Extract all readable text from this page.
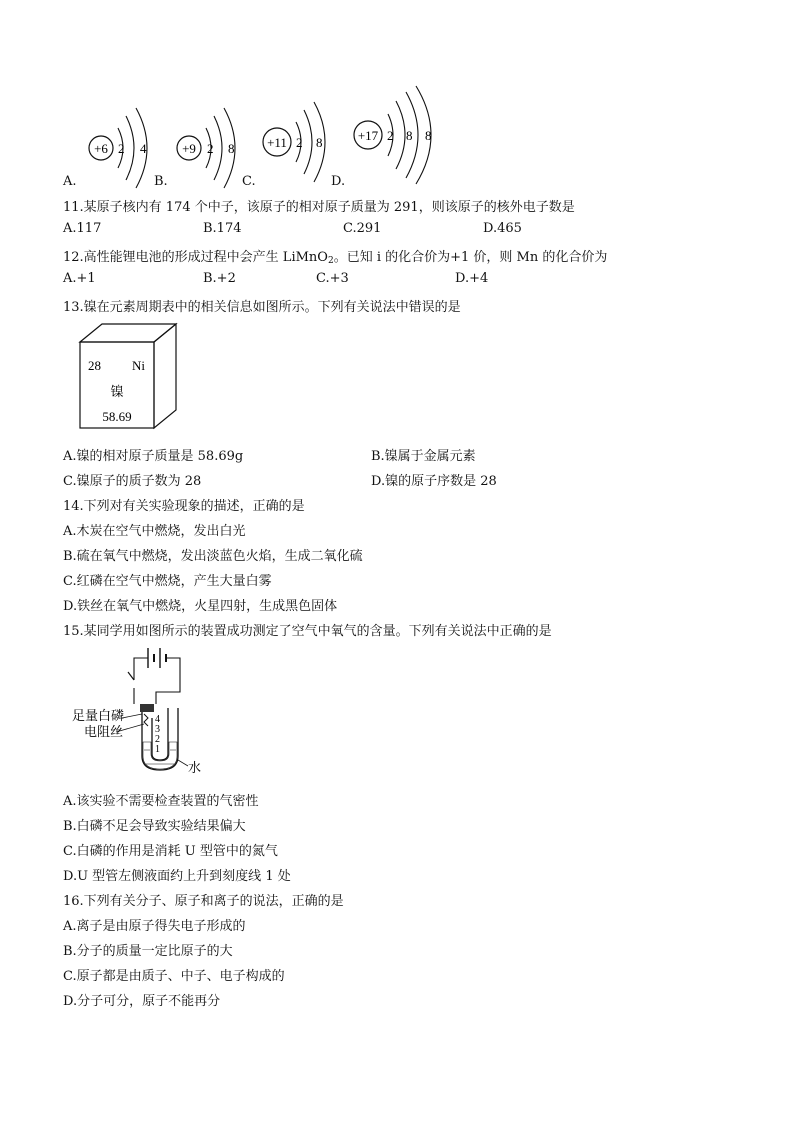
+6 2 4	+9 2 8	+11 2 8	+17 2 8 8
A.	B.	C.	D.
11.某原子核内有 174 个中子，该原子的相对原子质量为 291，则该原子的核外电子数是
A.117	B.174	C.291	D.465
12.高性能锂电池的形成过程中会产生 LiMnO$_2$。已知 i 的化合价为+1 价，则 Mn 的化合价为
A.+1	B.+2	C.+3	D.+4
13.镍在元素周期表中的相关信息如图所示。下列有关说法中错误的是
28 Ni
镍
58.69
A.镍的相对原子质量是 58.69g	B.镍属于金属元素
C.镍原子的质子数为 28	D.镍的原子序数是 28
14.下列对有关实验现象的描述，正确的是
A.木炭在空气中燃烧，发出白光
B.硫在氧气中燃烧，发出淡蓝色火焰，生成二氧化硫
C.红磷在空气中燃烧，产生大量白雾
D.铁丝在氧气中燃烧，火星四射，生成黑色固体
15.某同学用如图所示的装置成功测定了空气中氧气的含量。下列有关说法中正确的是
4
3
2
1
足量白磷
电阻丝
水
A.该实验不需要检查装置的气密性
B.白磷不足会导致实验结果偏大
C.白磷的作用是消耗 U 型管中的氮气
D.U 型管左侧液面约上升到刻度线 1 处
16.下列有关分子、原子和离子的说法，正确的是
A.离子是由原子得失电子形成的
B.分子的质量一定比原子的大
C.原子都是由质子、中子、电子构成的
D.分子可分，原子不能再分
